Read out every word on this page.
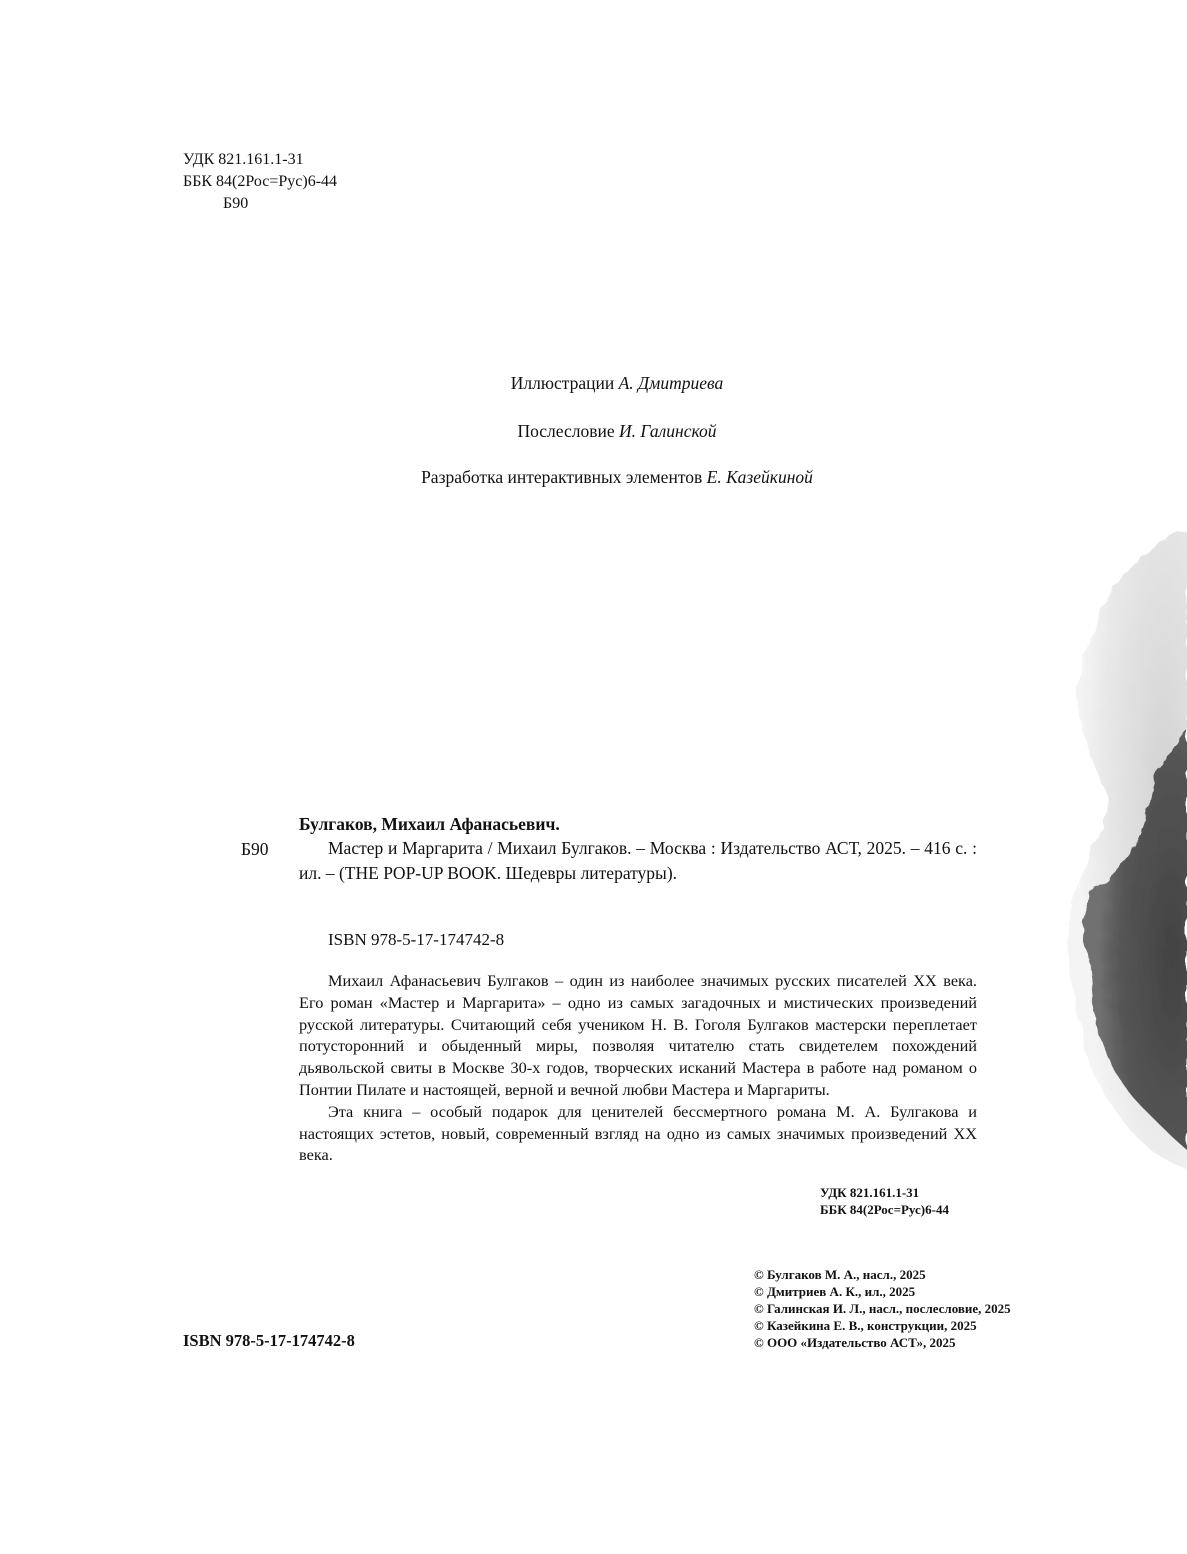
УДК 821.161.1-31
ББК 84(2Рос=Рус)6-44
Б90
Иллюстрации А. Дмитриева
Послесловие И. Галинской
Разработка интерактивных элементов Е. Казейкиной
Булгаков, Михаил Афанасьевич.
Б90	Мастер и Маргарита / Михаил Булгаков. – Москва : Издательство АСТ, 2025. – 416 с. : ил. – (THE POP-UP BOOK. Шедевры литературы).
ISBN 978-5-17-174742-8

Михаил Афанасьевич Булгаков – один из наиболее значимых русских писателей XX века. Его роман «Мастер и Маргарита» – одно из самых загадочных и мистических произведений русской литературы. Считающий себя учеником Н. В. Гоголя Булгаков мастерски переплетает потусторонний и обыденный миры, позволяя читателю стать свидетелем похождений дьявольской свиты в Москве 30-х годов, творческих исканий Мастера в работе над романом о Понтии Пилате и настоящей, верной и вечной любви Мастера и Маргариты.

Эта книга – особый подарок для ценителей бессмертного романа М. А. Булгакова и настоящих эстетов, новый, современный взгляд на одно из самых значимых произведений XX века.

УДК 821.161.1-31
ББК 84(2Рос=Рус)6-44
© Булгаков М. А., насл., 2025
© Дмитриев А. К., ил., 2025
© Галинская И. Л., насл., послесловие, 2025
© Казейкина Е. В., конструкции, 2025
© ООО «Издательство АСТ», 2025
ISBN 978-5-17-174742-8
